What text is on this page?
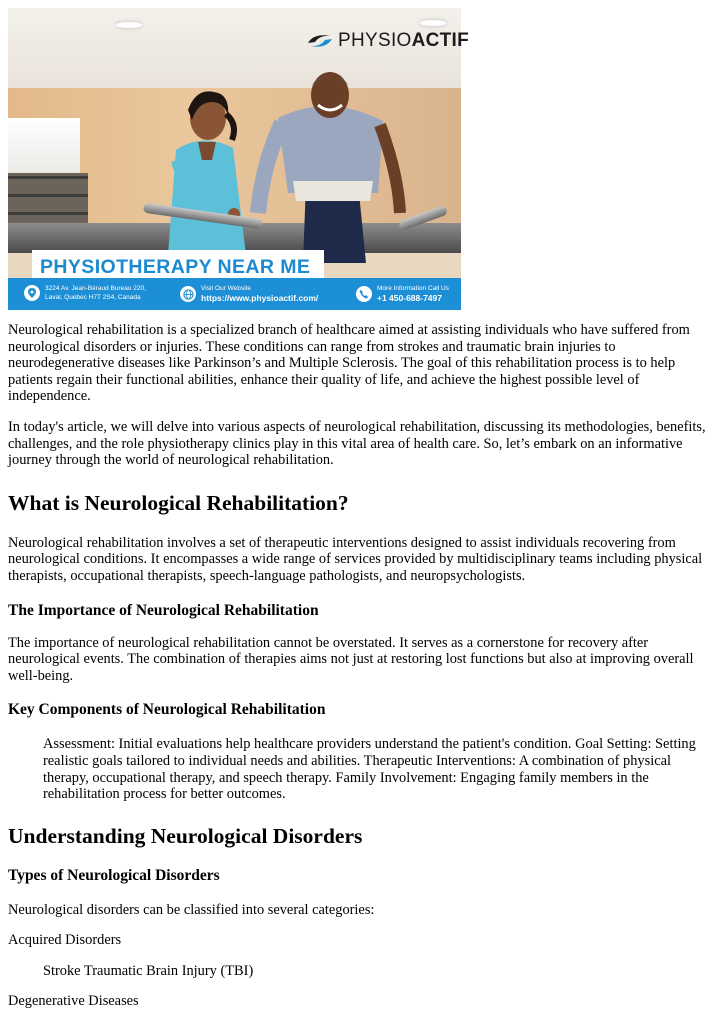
PHYSIOACTIF
PHYSIOTHERAPY NEAR ME
3224 Av. Jean-Béraud Bureau 220,
Laval, Quebec H7T 2S4, Canada
Visit Our Website
https://www.physioactif.com/
More Information Call Us
+1 450-688-7497

Neurological rehabilitation is a specialized branch of healthcare aimed at assisting individuals who have suffered from neurological disorders or injuries. These conditions can range from strokes and traumatic brain injuries to neurodegenerative diseases like Parkinson’s and Multiple Sclerosis. The goal of this rehabilitation process is to help patients regain their functional abilities, enhance their quality of life, and achieve the highest possible level of independence.

In today's article, we will delve into various aspects of neurological rehabilitation, discussing its methodologies, benefits, challenges, and the role physiotherapy clinics play in this vital area of health care. So, let’s embark on an informative journey through the world of neurological rehabilitation.

What is Neurological Rehabilitation?

Neurological rehabilitation involves a set of therapeutic interventions designed to assist individuals recovering from neurological conditions. It encompasses a wide range of services provided by multidisciplinary teams including physical therapists, occupational therapists, speech-language pathologists, and neuropsychologists.

The Importance of Neurological Rehabilitation

The importance of neurological rehabilitation cannot be overstated. It serves as a cornerstone for recovery after neurological events. The combination of therapies aims not just at restoring lost functions but also at improving overall well-being.

Key Components of Neurological Rehabilitation

Assessment: Initial evaluations help healthcare providers understand the patient's condition. Goal Setting: Setting realistic goals tailored to individual needs and abilities. Therapeutic Interventions: A combination of physical therapy, occupational therapy, and speech therapy. Family Involvement: Engaging family members in the rehabilitation process for better outcomes.

Understanding Neurological Disorders
Types of Neurological Disorders

Neurological disorders can be classified into several categories:

Acquired Disorders

Stroke Traumatic Brain Injury (TBI)

Degenerative Diseases
